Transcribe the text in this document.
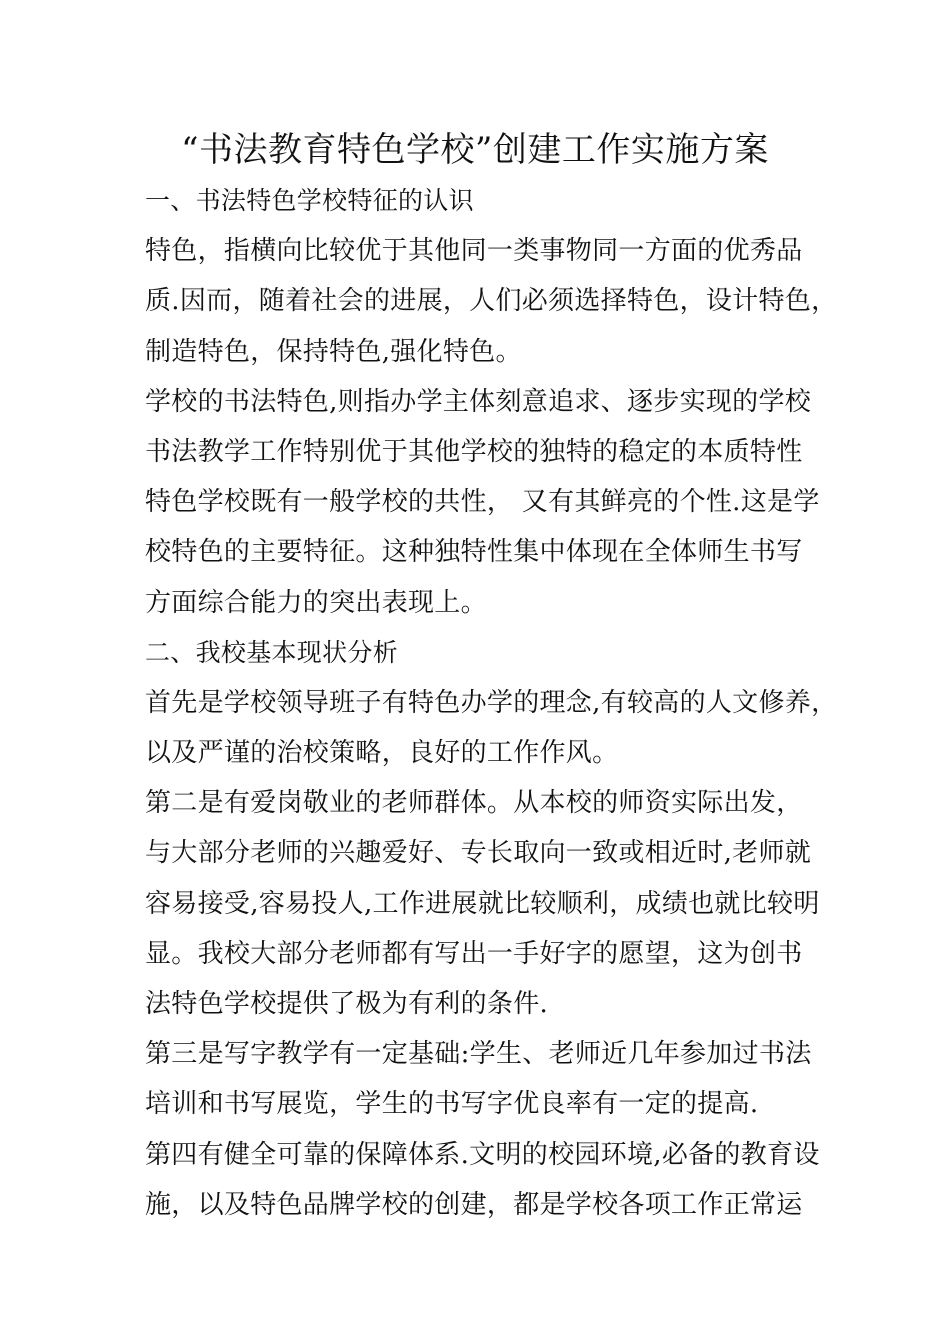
“书法教育特色学校”创建工作实施方案
一、书法特色学校特征的认识
特色，指横向比较优于其他同一类事物同一方面的优秀品
质.因而，随着社会的进展，人们必须选择特色，设计特色，
制造特色，保持特色,强化特色。
学校的书法特色,则指办学主体刻意追求、逐步实现的学校
书法教学工作特别优于其他学校的独特的稳定的本质特性
特色学校既有一般学校的共性， 又有其鲜亮的个性.这是学
校特色的主要特征。这种独特性集中体现在全体师生书写
方面综合能力的突出表现上。
二、我校基本现状分析
首先是学校领导班子有特色办学的理念,有较高的人文修养，
以及严谨的治校策略，良好的工作作风。
第二是有爱岗敬业的老师群体。从本校的师资实际出发，
与大部分老师的兴趣爱好、专长取向一致或相近时,老师就
容易接受,容易投人,工作进展就比较顺利，成绩也就比较明
显。我校大部分老师都有写出一手好字的愿望，这为创书
法特色学校提供了极为有利的条件.
第三是写字教学有一定基础:学生、老师近几年参加过书法
培训和书写展览，学生的书写字优良率有一定的提高.
第四有健全可靠的保障体系.文明的校园环境,必备的教育设
施，以及特色品牌学校的创建，都是学校各项工作正常运
